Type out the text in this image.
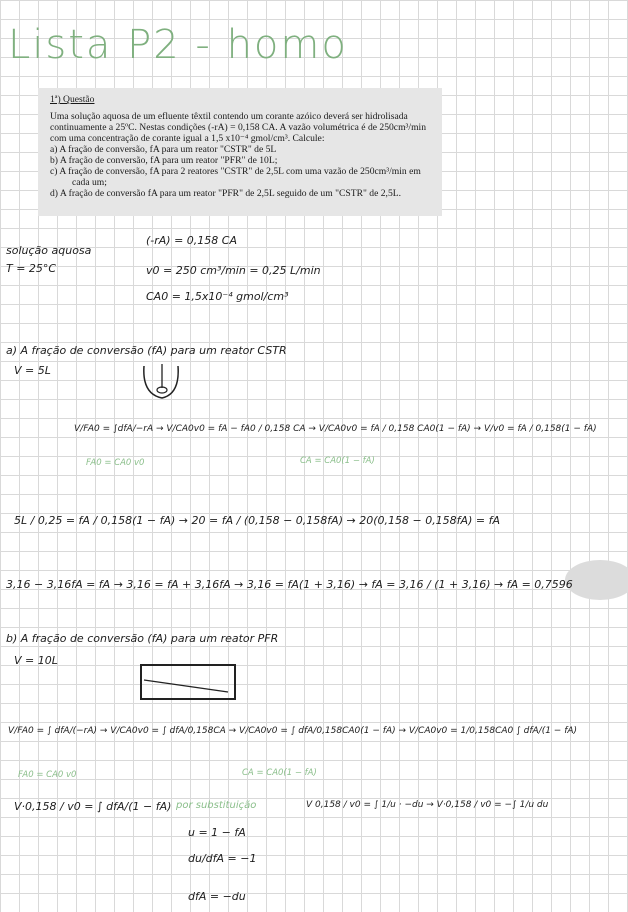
Lista P2 - homo
1ª) Questão
Uma solução aquosa de um efluente têxtil contendo um corante azóico deverá ser hidrolisada
continuamente a 25ºC. Nestas condições (-rA) = 0,158 CA. A vazão volumétrica é de 250cm³/min
com uma concentração de corante igual a 1,5 x10⁻⁴ gmol/cm³. Calcule:
a) A fração de conversão, fA para um reator "CSTR" de 5L
b) A fração de conversão, fA para um reator "PFR" de 10L;
c) A fração de conversão, fA para 2 reatores "CSTR" de 2,5L com uma vazão de 250cm³/min em
cada um;
d) A fração de conversão fA para um reator "PFR" de 2,5L seguido de um "CSTR" de 2,5L.
solução aquosa
T = 25°C
(-rA) = 0,158 CA
v0 = 250 cm³/min = 0,25 L/min
CA0 = 1,5x10⁻⁴ gmol/cm³
a) A fração de conversão (fA) para um reator CSTR
V = 5L
V/FA0 = ∫dfA/−rA → V/CA0v0 = fA − fA0 / 0,158 CA → V/CA0v0 = fA / 0,158 CA0(1 − fA) → V/v0 = fA / 0,158(1 − fA)
FA0 = CA0 v0	CA = CA0(1 − fA)
5L / 0,25 = fA / 0,158(1 − fA) → 20 = fA / (0,158 − 0,158fA) → 20(0,158 − 0,158fA) = fA
3,16 − 3,16fA = fA → 3,16 = fA + 3,16fA → 3,16 = fA(1 + 3,16) → fA = 3,16 / (1 + 3,16) → fA = 0,7596
b) A fração de conversão (fA) para um reator PFR
V = 10L
V/FA0 = ∫ dfA/(−rA) → V/CA0v0 = ∫ dfA/0,158CA → V/CA0v0 = ∫ dfA/0,158CA0(1 − fA) → V/CA0v0 = 1/0,158CA0 ∫ dfA/(1 − fA)
FA0 = CA0 v0	CA = CA0(1 − fA)
V·0,158 / v0 = ∫ dfA/(1 − fA) por substituição	V 0,158 / v0 = ∫ 1/u · −du → V·0,158 / v0 = −∫ 1/u du
u = 1 − fA
du/dfA = −1
dfA = −du
